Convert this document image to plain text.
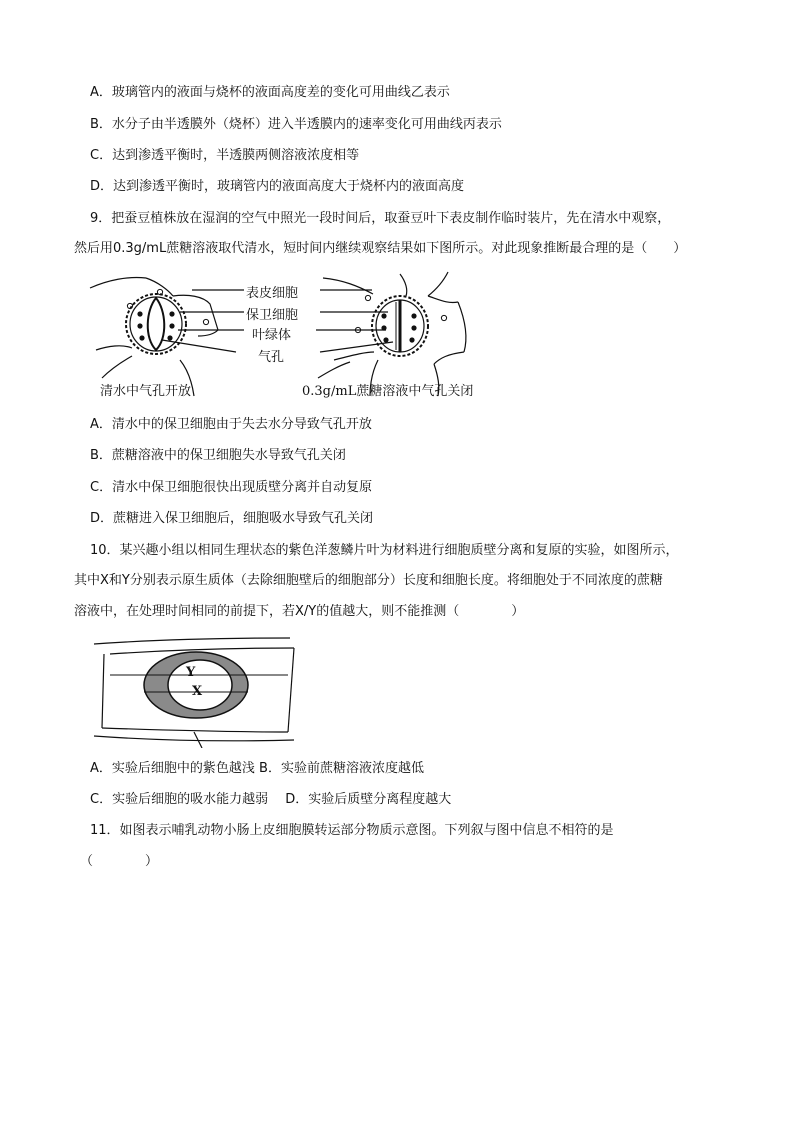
A．玻璃管内的液面与烧杯的液面高度差的变化可用曲线乙表示
B．水分子由半透膜外（烧杯）进入半透膜内的速率变化可用曲线丙表示
C．达到渗透平衡时，半透膜两侧溶液浓度相等
D．达到渗透平衡时，玻璃管内的液面高度大于烧杯内的液面高度
9．把蚕豆植株放在湿润的空气中照光一段时间后，取蚕豆叶下表皮制作临时装片，先在清水中观察，
然后用0.3g/mL蔗糖溶液取代清水，短时间内继续观察结果如下图所示。对此现象推断最合理的是（　　）
表皮细胞
保卫细胞
叶绿体
气孔
清水中气孔开放	0.3g/mL蔗糖溶液中气孔关闭
A．清水中的保卫细胞由于失去水分导致气孔开放
B．蔗糖溶液中的保卫细胞失水导致气孔关闭
C．清水中保卫细胞很快出现质壁分离并自动复原
D．蔗糖进入保卫细胞后，细胞吸水导致气孔关闭
10．某兴趣小组以相同生理状态的紫色洋葱鳞片叶为材料进行细胞质壁分离和复原的实验，如图所示，
其中X和Y分别表示原生质体（去除细胞壁后的细胞部分）长度和细胞长度。将细胞处于不同浓度的蔗糖
溶液中，在处理时间相同的前提下，若X/Y的值越大，则不能推测（　　　　）
Y
X
A．实验后细胞中的紫色越浅 B．实验前蔗糖溶液浓度越低
C．实验后细胞的吸水能力越弱　 D．实验后质壁分离程度越大
11．如图表示哺乳动物小肠上皮细胞膜转运部分物质示意图。下列叙与图中信息不相符的是
（　　　　）
